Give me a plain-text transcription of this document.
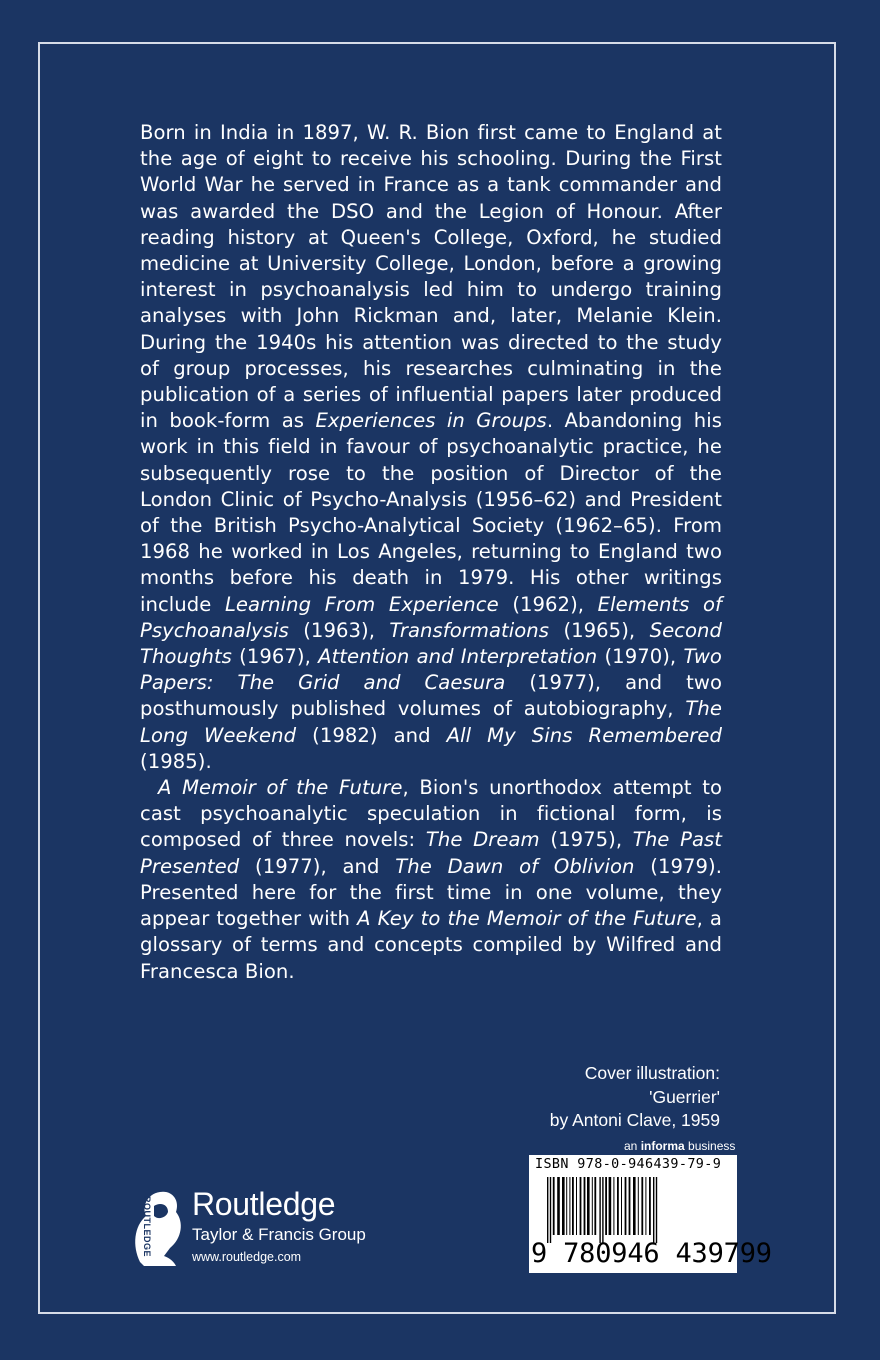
Born in India in 1897, W. R. Bion first came to England at the age of eight to receive his schooling. During the First World War he served in France as a tank commander and was awarded the DSO and the Legion of Honour. After reading history at Queen's College, Oxford, he studied medicine at University College, London, before a growing interest in psychoanalysis led him to undergo training analyses with John Rickman and, later, Melanie Klein. During the 1940s his attention was directed to the study of group processes, his researches culminating in the publication of a series of influential papers later produced in book-form as Experiences in Groups. Abandoning his work in this field in favour of psychoanalytic practice, he subsequently rose to the position of Director of the London Clinic of Psycho-Analysis (1956–62) and President of the British Psycho-Analytical Society (1962–65). From 1968 he worked in Los Angeles, returning to England two months before his death in 1979. His other writings include Learning From Experience (1962), Elements of Psychoanalysis (1963), Transformations (1965), Second Thoughts (1967), Attention and Interpretation (1970), Two Papers: The Grid and Caesura (1977), and two posthumously published volumes of autobiography, The Long Weekend (1982) and All My Sins Remembered (1985).

A Memoir of the Future, Bion's unorthodox attempt to cast psychoanalytic speculation in fictional form, is composed of three novels: The Dream (1975), The Past Presented (1977), and The Dawn of Oblivion (1979). Presented here for the first time in one volume, they appear together with A Key to the Memoir of the Future, a glossary of terms and concepts compiled by Wilfred and Francesca Bion.

Cover illustration:
'Guerrier'
by Antoni Clave, 1959
ROUTLEDGE Routledge
Taylor & Francis Group
www.routledge.com
an informa business
ISBN 978-0-946439-79-9
9 780946 439799
